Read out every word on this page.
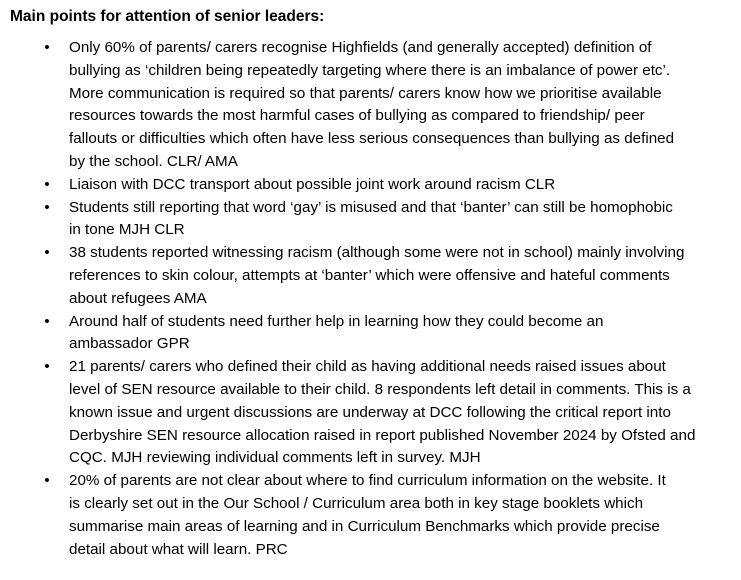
Main points for attention of senior leaders:
• Only 60% of parents/ carers recognise Highfields (and generally accepted) definition of
bullying as ‘children being repeatedly targeting where there is an imbalance of power etc’.
More communication is required so that parents/ carers know how we prioritise available
resources towards the most harmful cases of bullying as compared to friendship/ peer
fallouts or difficulties which often have less serious consequences than bullying as defined
by the school. CLR/ AMA
• Liaison with DCC transport about possible joint work around racism CLR
• Students still reporting that word ‘gay’ is misused and that ‘banter’ can still be homophobic
in tone MJH CLR
• 38 students reported witnessing racism (although some were not in school) mainly involving
references to skin colour, attempts at ‘banter’ which were offensive and hateful comments
about refugees AMA
• Around half of students need further help in learning how they could become an
ambassador GPR
• 21 parents/ carers who defined their child as having additional needs raised issues about
level of SEN resource available to their child. 8 respondents left detail in comments. This is a
known issue and urgent discussions are underway at DCC following the critical report into
Derbyshire SEN resource allocation raised in report published November 2024 by Ofsted and
CQC. MJH reviewing individual comments left in survey. MJH
• 20% of parents are not clear about where to find curriculum information on the website. It
is clearly set out in the Our School / Curriculum area both in key stage booklets which
summarise main areas of learning and in Curriculum Benchmarks which provide precise
detail about what will learn. PRC
